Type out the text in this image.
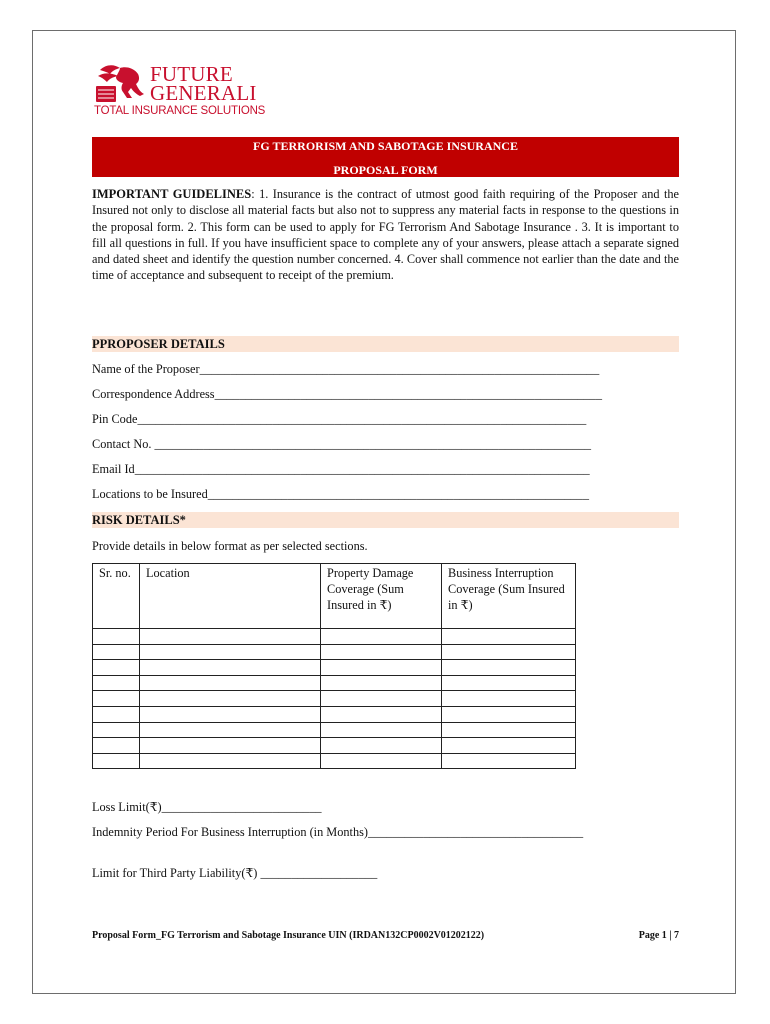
FUTURE
GENERALI
TOTAL INSURANCE SOLUTIONS
FG TERRORISM AND SABOTAGE INSURANCE
PROPOSAL FORM
IMPORTANT GUIDELINES: 1. Insurance is the contract of utmost good faith requiring of the Proposer and the Insured not only to disclose all material facts but also not to suppress any material facts in response to the questions in the proposal form. 2. This form can be used to apply for FG Terrorism And Sabotage Insurance . 3. It is important to fill all questions in full. If you have insufficient space to complete any of your answers, please attach a separate signed and dated sheet and identify the question number concerned. 4. Cover shall commence not earlier than the date and the time of acceptance and subsequent to receipt of the premium.
PPROPOSER DETAILS
Name of the Proposer_________________________________________________________________
Correspondence Address_______________________________________________________________
Pin Code_________________________________________________________________________
Contact No. _______________________________________________________________________
Email Id__________________________________________________________________________
Locations to be Insured______________________________________________________________
RISK DETAILS*
Provide details in below format as per selected sections.
Sr. no.	Location	Property Damage Coverage (Sum Insured in ₹)	Business Interruption Coverage (Sum Insured in ₹)

Loss Limit(₹)__________________________
Indemnity Period For Business Interruption (in Months)___________________________________
Limit for Third Party Liability(₹) ___________________
Proposal Form_FG Terrorism and Sabotage Insurance UIN (IRDAN132CP0002V01202122)	Page 1 | 7
